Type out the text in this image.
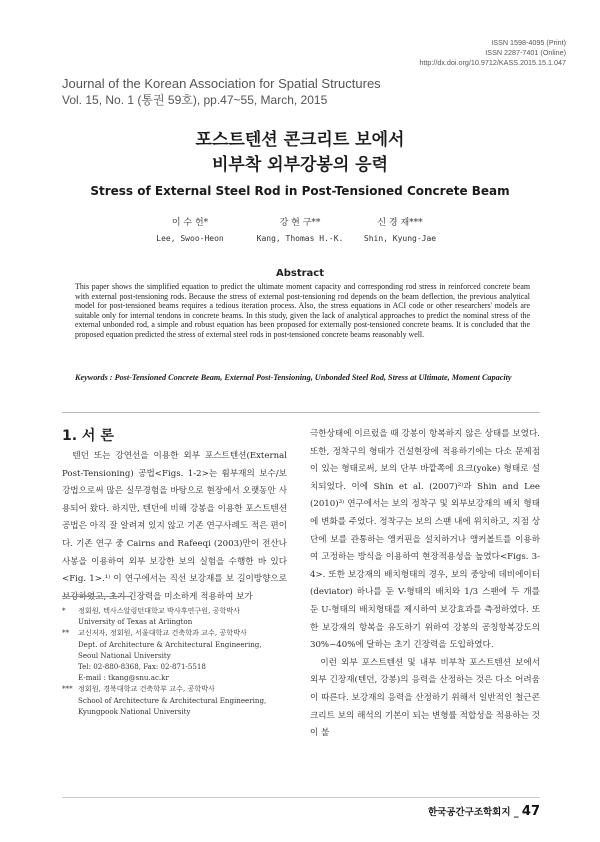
ISSN 1598-4095 (Print)
ISSN 2287-7401 (Online)
http://dx.doi.org/10.9712/KASS.2015.15.1.047
Journal of the Korean Association for Spatial Structures
Vol. 15, No. 1 (통권 59호), pp.47~55, March, 2015
포스트텐션 콘크리트 보에서
비부착 외부강봉의 응력
Stress of External Steel Rod in Post-Tensioned Concrete Beam
이 수 헌*
Lee, Swoo-Heon
강 현 구**
Kang, Thomas H.-K.
신 경 재***
Shin, Kyung-Jae
Abstract
This paper shows the simplified equation to predict the ultimate moment capacity and corresponding rod stress in reinforced concrete beam with external post-tensioning rods. Because the stress of external post-tensioning rod depends on the beam deflection, the previous analytical model for post-tensioned beams requires a tedious iteration process. Also, the stress equations in ACI code or other researchers' models are suitable only for internal tendons in concrete beams. In this study, given the lack of analytical approaches to predict the nominal stress of the external unbonded rod, a simple and robust equation has been proposed for externally post-tensioned concrete beams. It is concluded that the proposed equation predicted the stress of external steel rods in post-tensioned concrete beams reasonably well.
Keywords : Post-Tensioned Concrete Beam, External Post-Tensioning, Unbonded Steel Rod, Stress at Ultimate, Moment Capacity
1. 서 론

텐던 또는 강연선을 이용한 외부 포스트텐션(External Post-Tensioning) 공법<Figs. 1-2>는 휨부재의 보수/보강법으로써 많은 실무경험을 바탕으로 현장에서 오랫동안 사용되어 왔다. 하지만, 텐던에 비해 강봉을 이용한 포스트텐션 공법은 아직 잘 알려져 있지 않고 기존 연구사례도 적은 편이다. 기존 연구 중 Cairns and Rafeeqi (2003)만이 전산나사봉을 이용하여 외부 보강한 보의 실험을 수행한 바 있다<Fig. 1>.¹⁾ 이 연구에서는 직선 보강재를 보 길이방향으로 보강하였고, 초기 긴장력을 미소하게 적용하여 보가

극한상태에 이르렀을 때 강봉이 항복하지 않은 상태를 보였다. 또한, 정착구의 형태가 건설현장에 적용하기에는 다소 문제점이 있는 형태로써, 보의 단부 바깥쪽에 요크(yoke) 형태로 설치되었다. 이에 Shin et al. (2007)²⁾과 Shin and Lee (2010)³⁾ 연구에서는 보의 정착구 및 외부보강재의 배치 형태에 변화를 주었다. 정착구는 보의 스팬 내에 위치하고, 지점 상단에 보를 관통하는 앵커핀을 설치하거나 앵커볼트를 이용하여 고정하는 방식을 이용하여 현장적용성을 높였다<Figs. 3-4>. 또한 보강재의 배치형태의 경우, 보의 중앙에 데비에이터(deviator) 하나를 둔 V-형태의 배치와 1/3 스팬에 두 개를 둔 U-형태의 배치형태를 제시하여 보강효과를 측정하였다. 또한 보강재의 항복을 유도하기 위하여 강봉의 공칭항복강도의 30%~40%에 달하는 초기 긴장력을 도입하였다.

이런 외부 포스트텐션 및 내부 비부착 포스트텐션 보에서 외부 긴장재(텐던, 강봉)의 응력을 산정하는 것은 다소 어려움이 따른다. 보강재의 응력을 산정하기 위해서 일반적인 철근콘크리트 보의 해석의 기본이 되는 변형률 적합성을 적용하는 것이 불

*	정회원, 텍사스알링턴대학교 박사후연구원, 공학박사
University of Texas at Arlington
**	교신저자, 정회원, 서울대학교 건축학과 교수, 공학박사
Dept. of Architecture & Architectural Engineering,
Seoul National University
Tel: 02-880-8368, Fax: 02-871-5518
E-mail : tkang@snu.ac.kr
*** 정회원, 경북대학교 건축학부 교수, 공학박사
School of Architecture & Architectural Engineering,
Kyungpook National University
한국공간구조학회지 _ 47
